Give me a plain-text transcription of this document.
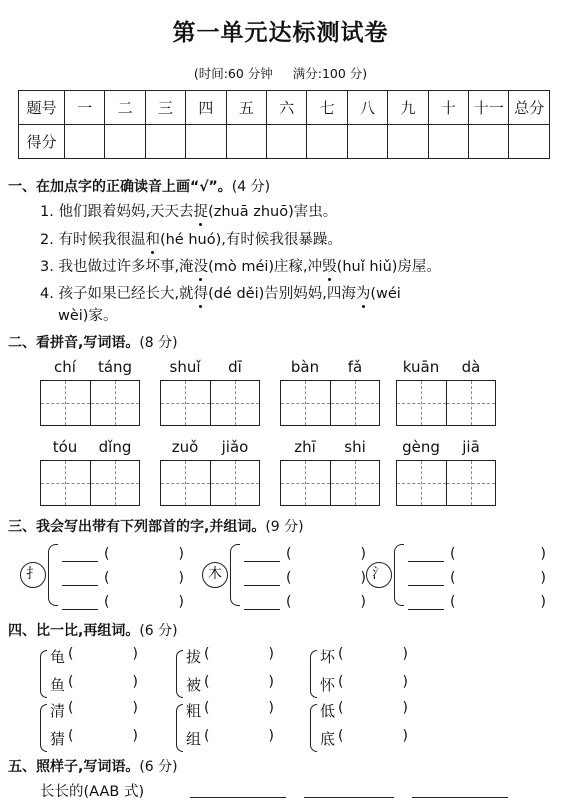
第一单元达标测试卷
(时间:60 分钟 满分:100 分)
题号	一	二	三	四	五	六	七	八	九	十	十一	总分
得分												
一、在加点字的正确读音上画“√”。(4 分)
1. 他们跟着妈妈,天天去捉(zhuā zhuō)害虫。
2. 有时候我很温和(hé huó),有时候我很暴躁。
3. 我也做过许多坏事,淹没(mò méi)庄稼,冲毁(huǐ hiǔ)房屋。
4. 孩子如果已经长大,就得(dé děi)告别妈妈,四海为(wéi
wèi)家。
二、看拼音,写词语。(8 分)
chí	táng	shuǐ	dī	bàn	fǎ	kuān	dà
tóu	dǐng	zuǒ	jiǎo	zhī	shi	gèng	jiā
三、我会写出带有下列部首的字,并组词。(9 分)
扌
(	)
(	)
(	)
木
(	)
(	)
(	)
氵
(	)
(	)
(	)
四、比一比,再组词。(6 分)
龟 (	)
鱼 (	)
拔 (	)
被 (	)
坏 (	)
怀 (	)
清 (	)
猜 (	)
粗 (	)
组 (	)
低 (	)
底 (	)
五、照样子,写词语。(6 分)
长长的(AAB 式)
